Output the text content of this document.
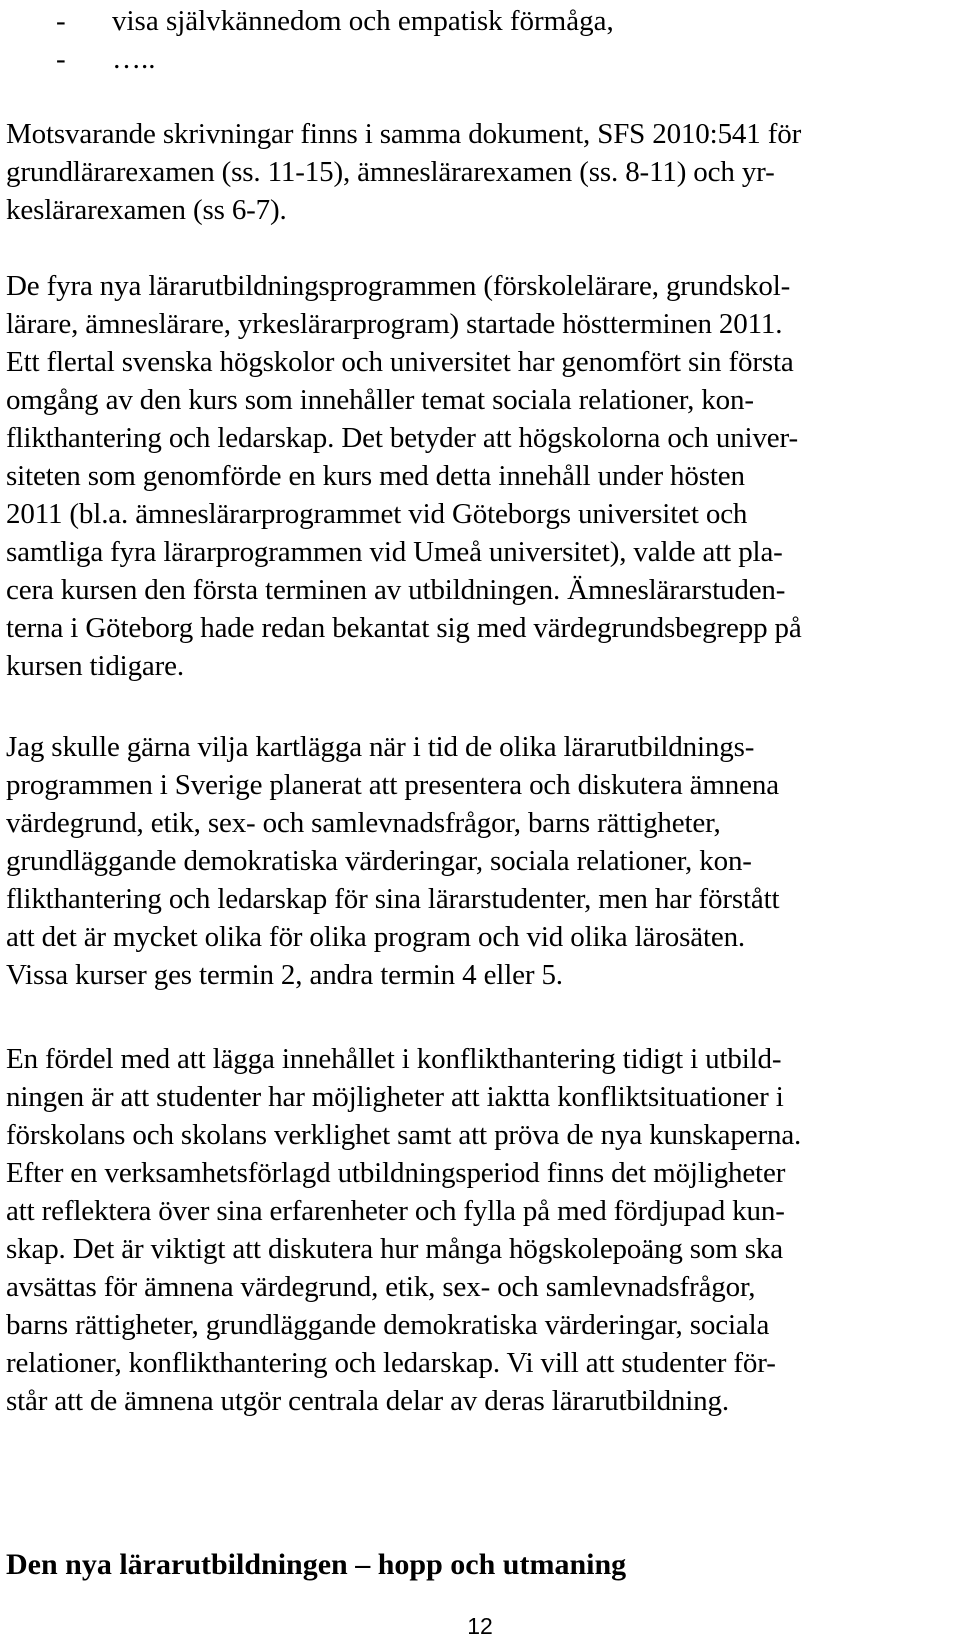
- visa självkännedom och empatisk förmåga,
- …..
Motsvarande skrivningar finns i samma dokument, SFS 2010:541 för
grundlärarexamen (ss. 11-15), ämneslärarexamen (ss. 8-11) och yr-
keslärarexamen (ss 6-7).
De fyra nya lärarutbildningsprogrammen (förskolelärare, grundskol-
lärare, ämneslärare, yrkeslärarprogram) startade höstterminen 2011.
Ett flertal svenska högskolor och universitet har genomfört sin första
omgång av den kurs som innehåller temat sociala relationer, kon-
flikthantering och ledarskap. Det betyder att högskolorna och univer-
siteten som genomförde en kurs med detta innehåll under hösten
2011 (bl.a. ämneslärarprogrammet vid Göteborgs universitet och
samtliga fyra lärarprogrammen vid Umeå universitet), valde att pla-
cera kursen den första terminen av utbildningen. Ämneslärarstuden-
terna i Göteborg hade redan bekantat sig med värdegrundsbegrepp på
kursen tidigare.
Jag skulle gärna vilja kartlägga när i tid de olika lärarutbildnings-
programmen i Sverige planerat att presentera och diskutera ämnena
värdegrund, etik, sex- och samlevnadsfrågor, barns rättigheter,
grundläggande demokratiska värderingar, sociala relationer, kon-
flikthantering och ledarskap för sina lärarstudenter, men har förstått
att det är mycket olika för olika program och vid olika lärosäten.
Vissa kurser ges termin 2, andra termin 4 eller 5.
En fördel med att lägga innehållet i konflikthantering tidigt i utbild-
ningen är att studenter har möjligheter att iaktta konfliktsituationer i
förskolans och skolans verklighet samt att pröva de nya kunskaperna.
Efter en verksamhetsförlagd utbildningsperiod finns det möjligheter
att reflektera över sina erfarenheter och fylla på med fördjupad kun-
skap. Det är viktigt att diskutera hur många högskolepoäng som ska
avsättas för ämnena värdegrund, etik, sex- och samlevnadsfrågor,
barns rättigheter, grundläggande demokratiska värderingar, sociala
relationer, konflikthantering och ledarskap. Vi vill att studenter för-
står att de ämnena utgör centrala delar av deras lärarutbildning.
Den nya lärarutbildningen – hopp och utmaning
12
